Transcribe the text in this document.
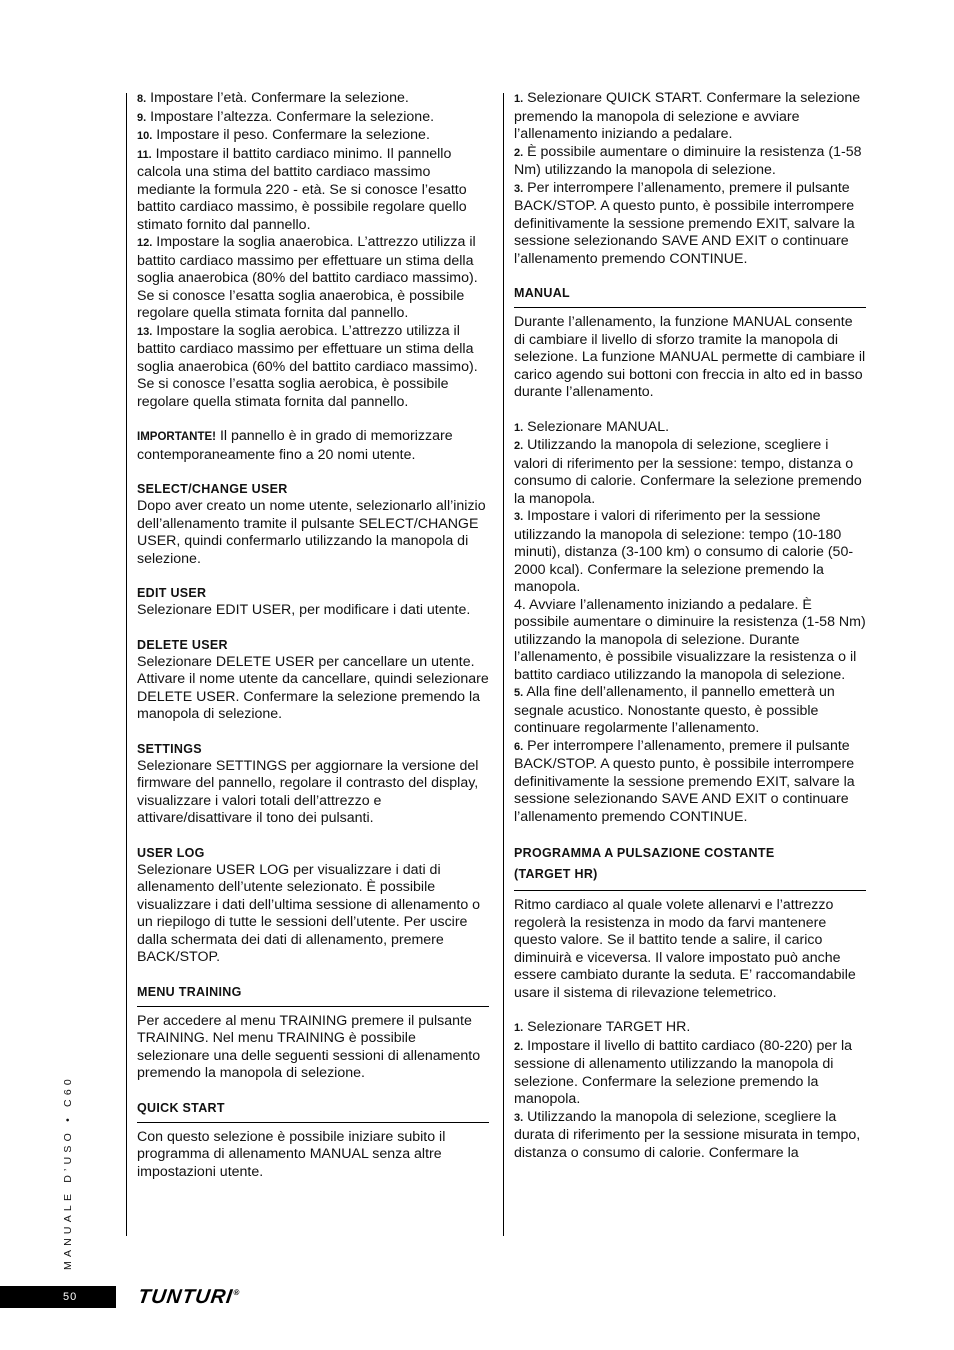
8. Impostare l’età. Confermare la selezione.

9. Impostare l’altezza. Confermare la selezione.

10. Impostare il peso. Confermare la selezione.

11. Impostare il battito cardiaco minimo. Il pannello calcola una stima del battito cardiaco massimo mediante la formula 220 - età. Se si conosce l’esatto battito cardiaco massimo, è possibile regolare quello stimato fornito dal pannello.

12. Impostare la soglia anaerobica. L’attrezzo utilizza il battito cardiaco massimo per effettuare un stima della soglia anaerobica (80% del battito cardiaco massimo). Se si conosce l’esatta soglia anaerobica, è possibile regolare quella stimata fornita dal pannello.

13. Impostare la soglia aerobica. L’attrezzo utilizza il battito cardiaco massimo per effettuare un stima della soglia anaerobica (60% del battito cardiaco massimo). Se si conosce l’esatta soglia aerobica, è possibile regolare quella stimata fornita dal pannello.

IMPORTANTE! Il pannello è in grado di memorizzare contemporaneamente fino a 20 nomi utente.

SELECT/CHANGE USER

Dopo aver creato un nome utente, selezionarlo all’inizio dell’allenamento tramite il pulsante SELECT/CHANGE USER, quindi confermarlo utilizzando la manopola di selezione.

EDIT USER

Selezionare EDIT USER, per modificare i dati utente.

DELETE USER

Selezionare DELETE USER per cancellare un utente. Attivare il nome utente da cancellare, quindi selezionare DELETE USER. Confermare la selezione premendo la manopola di selezione.

SETTINGS

Selezionare SETTINGS per aggiornare la versione del firmware del pannello, regolare il contrasto del display, visualizzare i valori totali dell’attrezzo e attivare/disattivare il tono dei pulsanti.

USER LOG

Selezionare USER LOG per visualizzare i dati di allenamento dell’utente selezionato. È possibile visualizzare i dati dell’ultima sessione di allenamento o un riepilogo di tutte le sessioni dell’utente. Per uscire dalla schermata dei dati di allenamento, premere BACK/STOP.

MENU TRAINING

Per accedere al menu TRAINING premere il pulsante TRAINING. Nel menu TRAINING è possibile selezionare una delle seguenti sessioni di allenamento premendo la manopola di selezione.

QUICK START

Con questo selezione è possibile iniziare subito il programma di allenamento MANUAL senza altre impostazioni utente.

1. Selezionare QUICK START. Confermare la selezione premendo la manopola di selezione e avviare l’allenamento iniziando a pedalare.

2. È possibile aumentare o diminuire la resistenza (1-58 Nm) utilizzando la manopola di selezione.

3. Per interrompere l’allenamento, premere il pulsante BACK/STOP. A questo punto, è possibile interrompere definitivamente la sessione premendo EXIT, salvare la sessione selezionando SAVE AND EXIT o continuare l’allenamento premendo CONTINUE.

MANUAL

Durante l’allenamento, la funzione MANUAL consente di cambiare il livello di sforzo tramite la manopola di selezione. La funzione MANUAL permette di cambiare il carico agendo sui bottoni con freccia in alto ed in basso durante l’allenamento.

1. Selezionare MANUAL.

2. Utilizzando la manopola di selezione, scegliere i valori di riferimento per la sessione: tempo, distanza o consumo di calorie. Confermare la selezione premendo la manopola.

3. Impostare i valori di riferimento per la sessione utilizzando la manopola di selezione: tempo (10-180 minuti), distanza (3-100 km) o consumo di calorie (50-2000 kcal). Confermare la selezione premendo la manopola.

4. Avviare l’allenamento iniziando a pedalare. È possibile aumentare o diminuire la resistenza (1-58 Nm) utilizzando la manopola di selezione. Durante l’allenamento, è possibile visualizzare la resistenza o il battito cardiaco utilizzando la manopola di selezione.

5. Alla fine dell’allenamento, il pannello emetterà un segnale acustico. Nonostante questo, è possible continuare regolarmente l’allenamento.

6. Per interrompere l’allenamento, premere il pulsante BACK/STOP. A questo punto, è possibile interrompere definitivamente la sessione premendo EXIT, salvare la sessione selezionando SAVE AND EXIT o continuare l’allenamento premendo CONTINUE.

PROGRAMMA A PULSAZIONE COSTANTE
(TARGET HR)

Ritmo cardiaco al quale volete allenarvi e l’attrezzo regolerà la resistenza in modo da farvi mantenere questo valore. Se il battito tende a salire, il carico diminuirà e viceversa. Il valore impostato può anche essere cambiato durante la seduta. E’ raccomandabile usare il sistema di rilevazione telemetrico.

1. Selezionare TARGET HR.

2. Impostare il livello di battito cardiaco (80-220) per la sessione di allenamento utilizzando la manopola di selezione. Confermare la selezione premendo la manopola.

3. Utilizzando la manopola di selezione, scegliere la durata di riferimento per la sessione misurata in tempo, distanza o consumo di calorie. Confermare la

MANUALE D’USO • C60
50	TUNTURI®
